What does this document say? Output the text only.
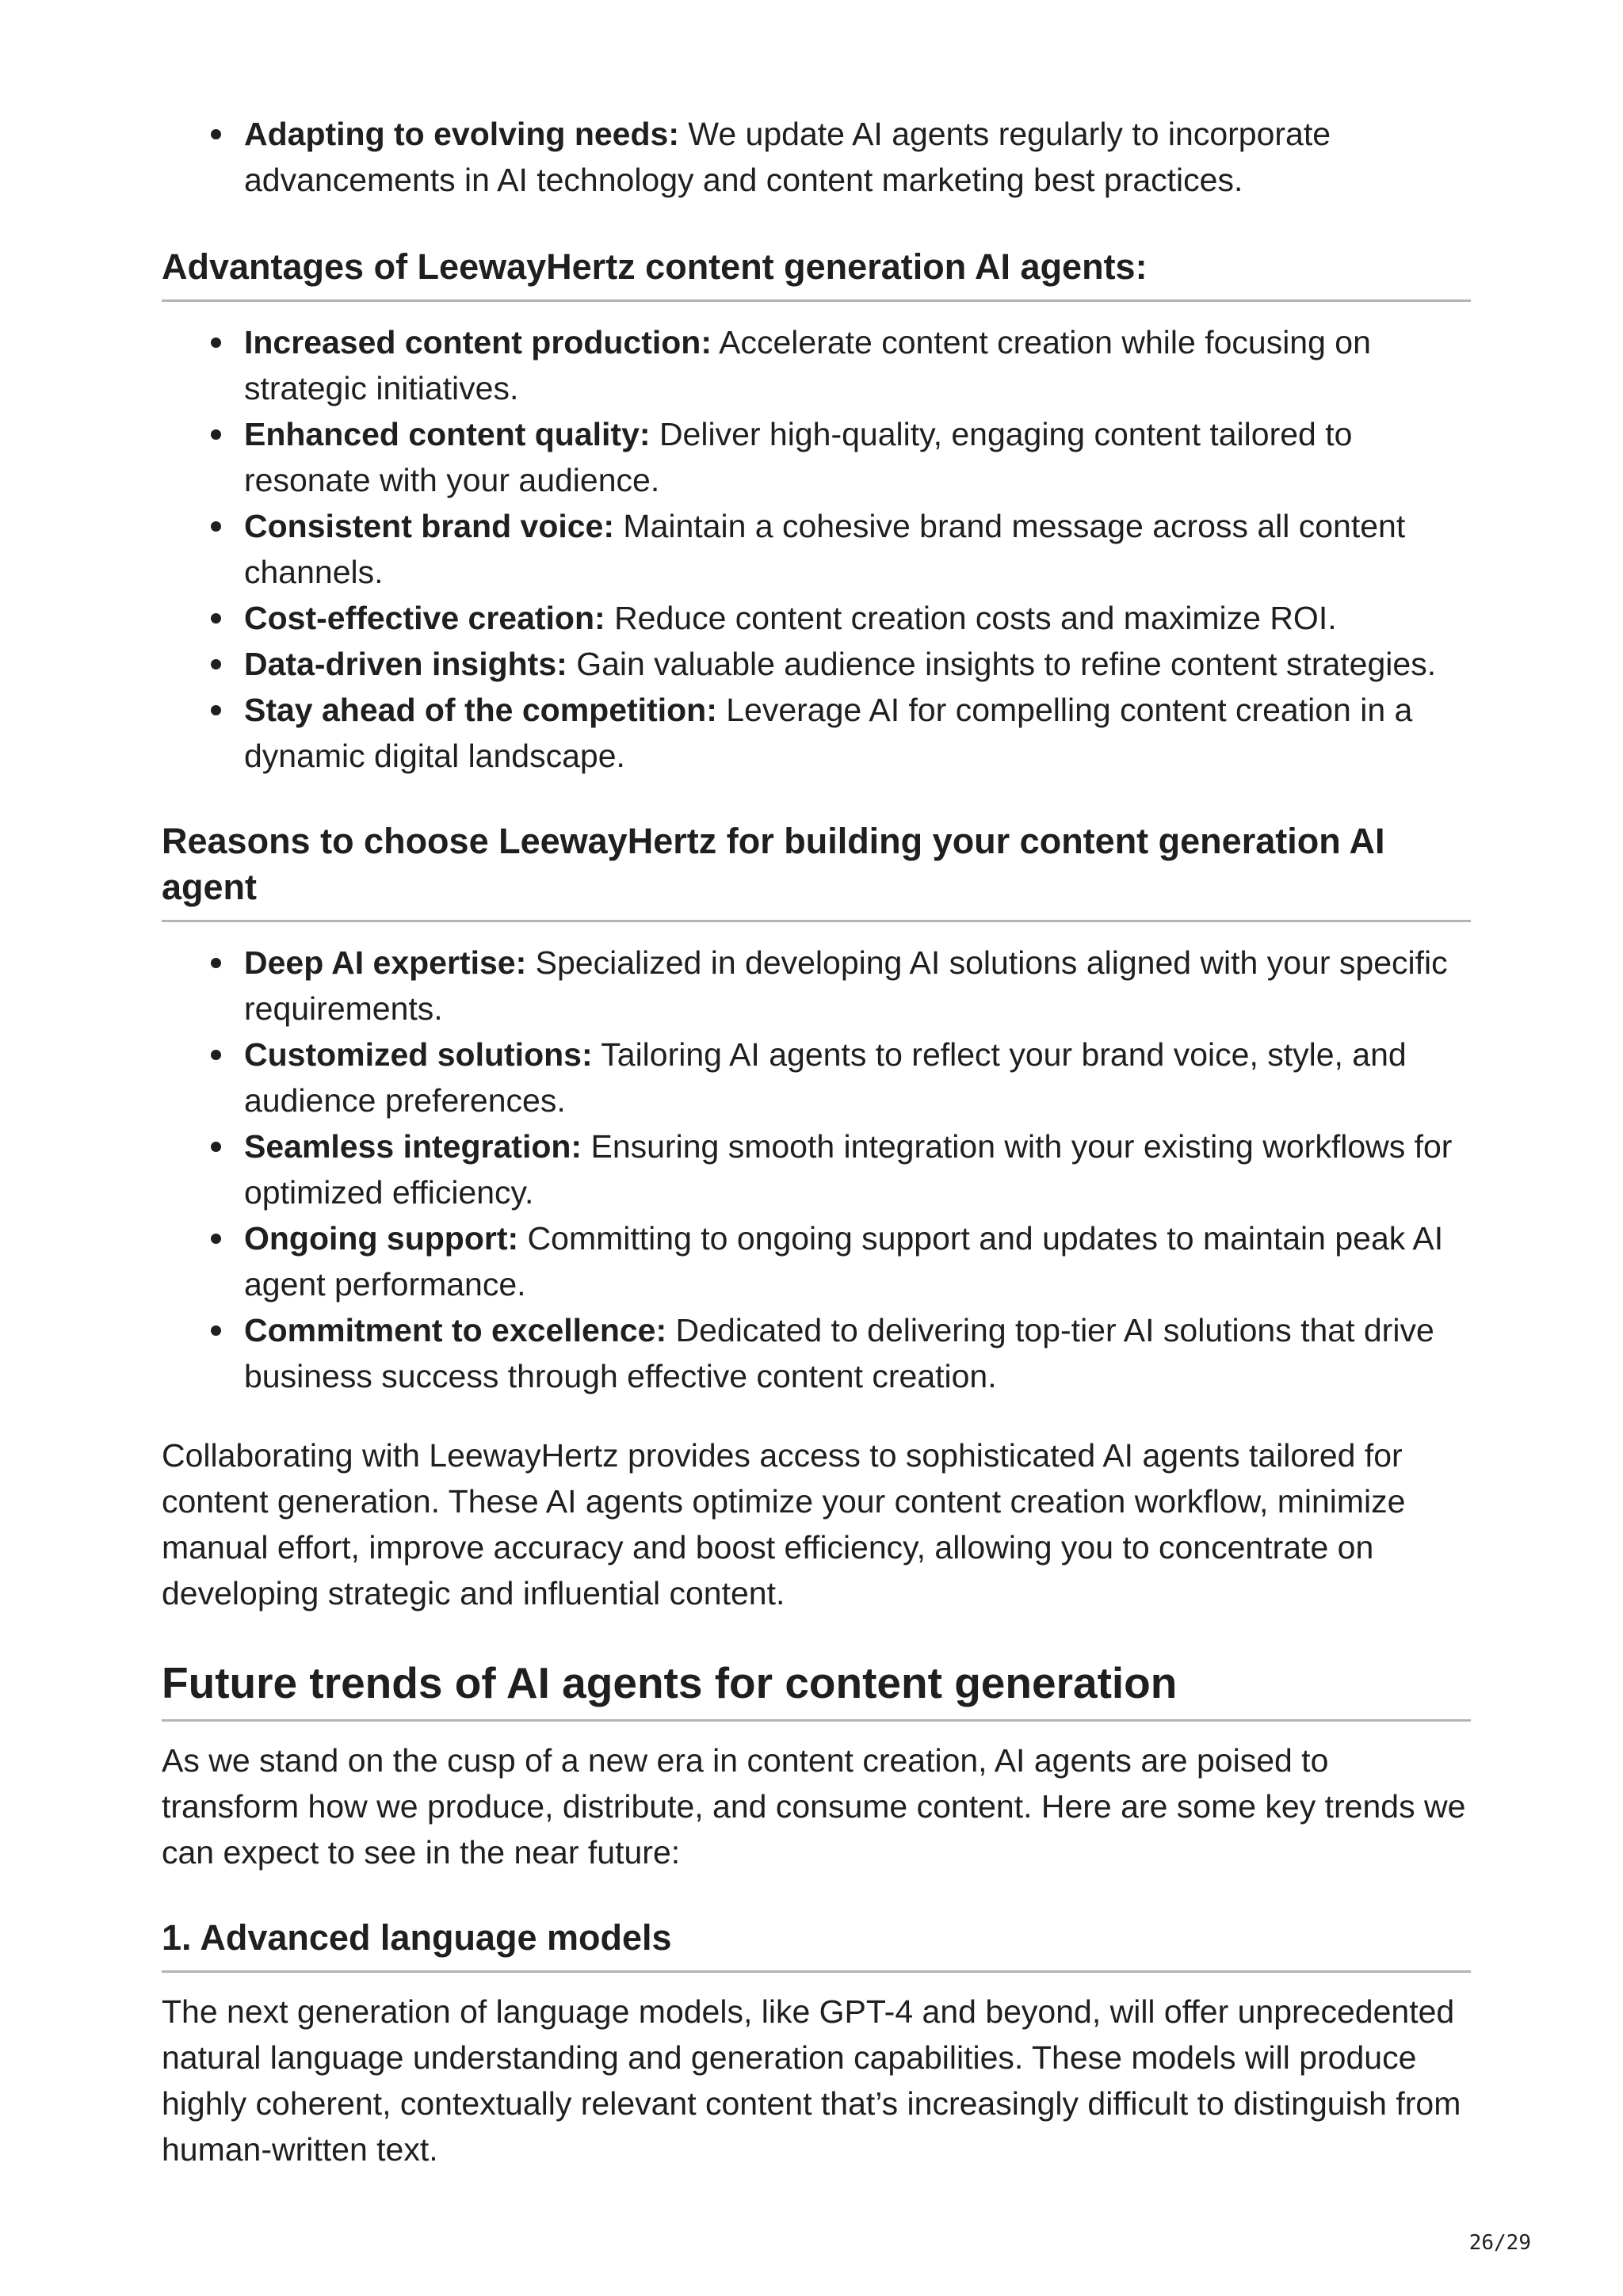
Adapting to evolving needs: We update AI agents regularly to incorporate advancements in AI technology and content marketing best practices.
Advantages of LeewayHertz content generation AI agents:
Increased content production: Accelerate content creation while focusing on strategic initiatives.
Enhanced content quality: Deliver high-quality, engaging content tailored to resonate with your audience.
Consistent brand voice: Maintain a cohesive brand message across all content channels.
Cost-effective creation: Reduce content creation costs and maximize ROI.
Data-driven insights: Gain valuable audience insights to refine content strategies.
Stay ahead of the competition: Leverage AI for compelling content creation in a dynamic digital landscape.
Reasons to choose LeewayHertz for building your content generation AI agent
Deep AI expertise: Specialized in developing AI solutions aligned with your specific requirements.
Customized solutions: Tailoring AI agents to reflect your brand voice, style, and audience preferences.
Seamless integration: Ensuring smooth integration with your existing workflows for optimized efficiency.
Ongoing support: Committing to ongoing support and updates to maintain peak AI agent performance.
Commitment to excellence: Dedicated to delivering top-tier AI solutions that drive business success through effective content creation.

Collaborating with LeewayHertz provides access to sophisticated AI agents tailored for content generation. These AI agents optimize your content creation workflow, minimize manual effort, improve accuracy and boost efficiency, allowing you to concentrate on developing strategic and influential content.

Future trends of AI agents for content generation

As we stand on the cusp of a new era in content creation, AI agents are poised to transform how we produce, distribute, and consume content. Here are some key trends we can expect to see in the near future:

1. Advanced language models

The next generation of language models, like GPT-4 and beyond, will offer unprecedented natural language understanding and generation capabilities. These models will produce highly coherent, contextually relevant content that’s increasingly difficult to distinguish from human-written text.

26/29
